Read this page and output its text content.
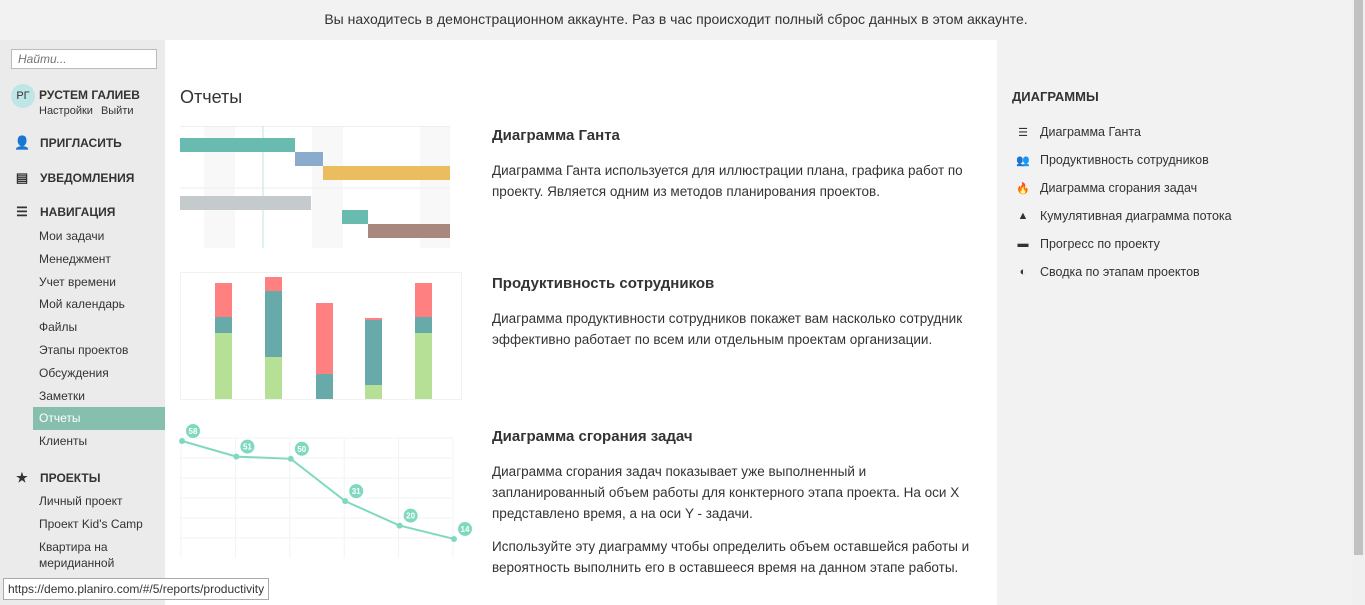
Вы находитесь в демонстрационном аккаунте. Раз в час происходит полный сброс данных в этом аккаунте.
Найти...
РГ РУСТЕМ ГАЛИЕВ
Настройки Выйти
👤 ПРИГЛАСИТЬ
▤ УВЕДОМЛЕНИЯ
☰ НАВИГАЦИЯ
Мои задачи
Менеджмент
Учет времени
Мой календарь
Файлы
Этапы проектов
Обсуждения
Заметки
Отчеты
Клиенты
★ ПРОЕКТЫ
Личный проект
Проект Kid's Camp
Квартира на меридианной
Отчеты
58
51	50
31
20
14
Диаграмма Ганта

Диаграмма Ганта используется для иллюстрации плана, графика работ по проекту. Является одним из методов планирования проектов.

Продуктивность сотрудников

Диаграмма продуктивности сотрудников покажет вам насколько сотрудник эффективно работает по всем или отдельным проектам организации.

Диаграмма сгорания задач

Диаграмма сгорания задач показывает уже выполненный и запланированный объем работы для конктерного этапа проекта. На оси X представлено время, а на оси Y - задачи.

Используйте эту диаграмму чтобы определить объем оставшейся работы и вероятность выполнить его в оставшееся время на данном этапе работы.

ДИАГРАММЫ
☰ Диаграмма Ганта
👥 Продуктивность сотрудников
🔥 Диаграмма сгорания задач
▲ Кумулятивная диаграмма потока
▬ Прогресс по проекту
◐ Сводка по этапам проектов
https://demo.planiro.com/#/5/reports/productivity
